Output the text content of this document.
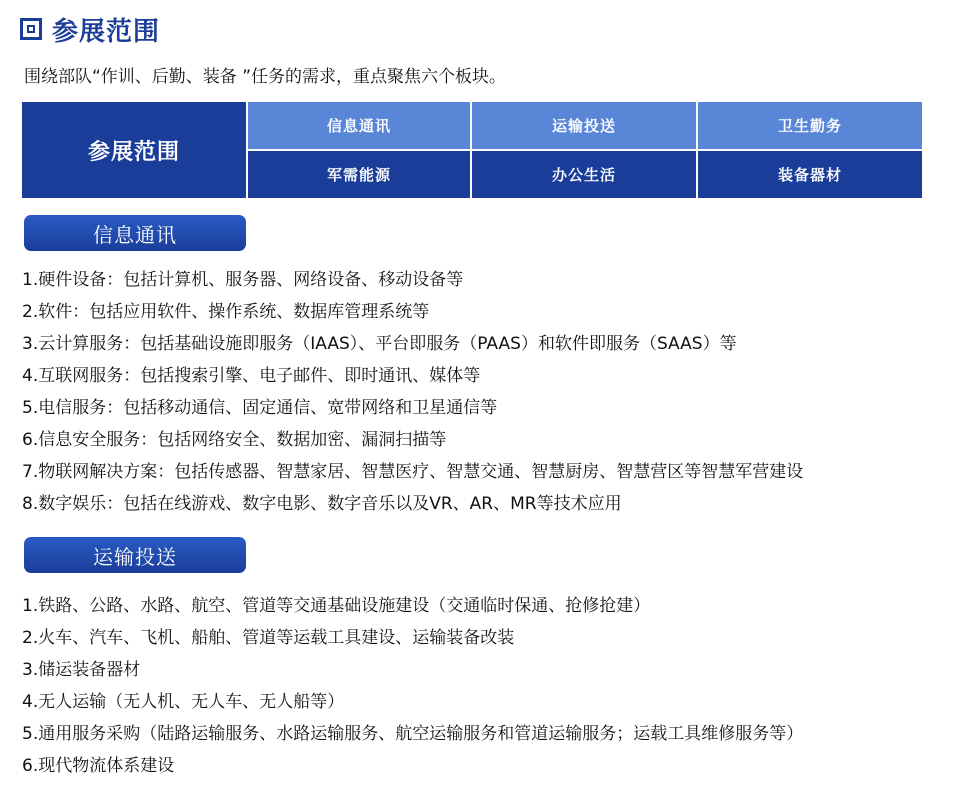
参展范围
围绕部队“作训、后勤、装备 ”任务的需求，重点聚焦六个板块。
参展范围
信息通讯	运输投送	卫生勤务
军需能源	办公生活	装备器材
信息通讯
1.硬件设备：包括计算机、服务器、网络设备、移动设备等
2.软件：包括应用软件、操作系统、数据库管理系统等
3.云计算服务：包括基础设施即服务（IAAS）、平台即服务（PAAS）和软件即服务（SAAS）等
4.互联网服务：包括搜索引擎、电子邮件、即时通讯、媒体等
5.电信服务：包括移动通信、固定通信、宽带网络和卫星通信等
6.信息安全服务：包括网络安全、数据加密、漏洞扫描等
7.物联网解决方案：包括传感器、智慧家居、智慧医疗、智慧交通、智慧厨房、智慧营区等智慧军营建设
8.数字娱乐：包括在线游戏、数字电影、数字音乐以及VR、AR、MR等技术应用
运输投送
1.铁路、公路、水路、航空、管道等交通基础设施建设（交通临时保通、抢修抢建）
2.火车、汽车、飞机、船舶、管道等运载工具建设、运输装备改装
3.储运装备器材
4.无人运输（无人机、无人车、无人船等）
5.通用服务采购（陆路运输服务、水路运输服务、航空运输服务和管道运输服务；运载工具维修服务等）
6.现代物流体系建设
